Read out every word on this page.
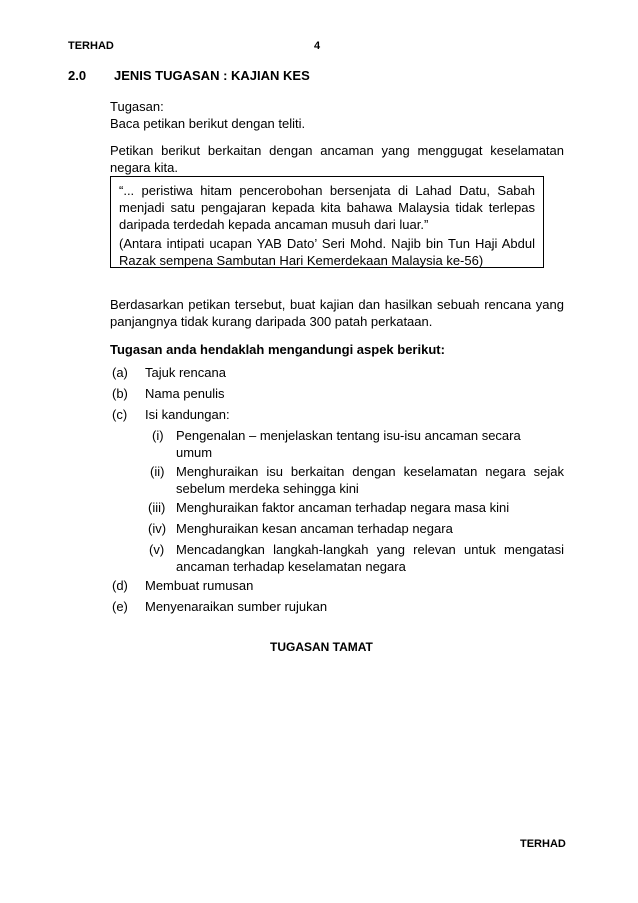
TERHAD	4
2.0 JENIS TUGASAN : KAJIAN KES
Tugasan:
Baca petikan berikut dengan teliti.
Petikan berikut berkaitan dengan ancaman yang menggugat keselamatan negara kita.
“... peristiwa hitam pencerobohan bersenjata di Lahad Datu, Sabah menjadi satu pengajaran kepada kita bahawa Malaysia tidak terlepas daripada terdedah kepada ancaman musuh dari luar.”
(Antara intipati ucapan YAB Dato’ Seri Mohd. Najib bin Tun Haji Abdul Razak sempena Sambutan Hari Kemerdekaan Malaysia ke-56)
Berdasarkan petikan tersebut, buat kajian dan hasilkan sebuah rencana yang panjangnya tidak kurang daripada 300 patah perkataan.
Tugasan anda hendaklah mengandungi aspek berikut:
(a) Tajuk rencana
(b) Nama penulis
(c) Isi kandungan:
(i) Pengenalan – menjelaskan tentang isu-isu ancaman secara umum
(ii) Menghuraikan isu berkaitan dengan keselamatan negara sejak sebelum merdeka sehingga kini
(iii) Menghuraikan faktor ancaman terhadap negara masa kini
(iv) Menghuraikan kesan ancaman terhadap negara
(v) Mencadangkan langkah-langkah yang relevan untuk mengatasi ancaman terhadap keselamatan negara
(d) Membuat rumusan
(e) Menyenaraikan sumber rujukan
TUGASAN TAMAT
TERHAD
